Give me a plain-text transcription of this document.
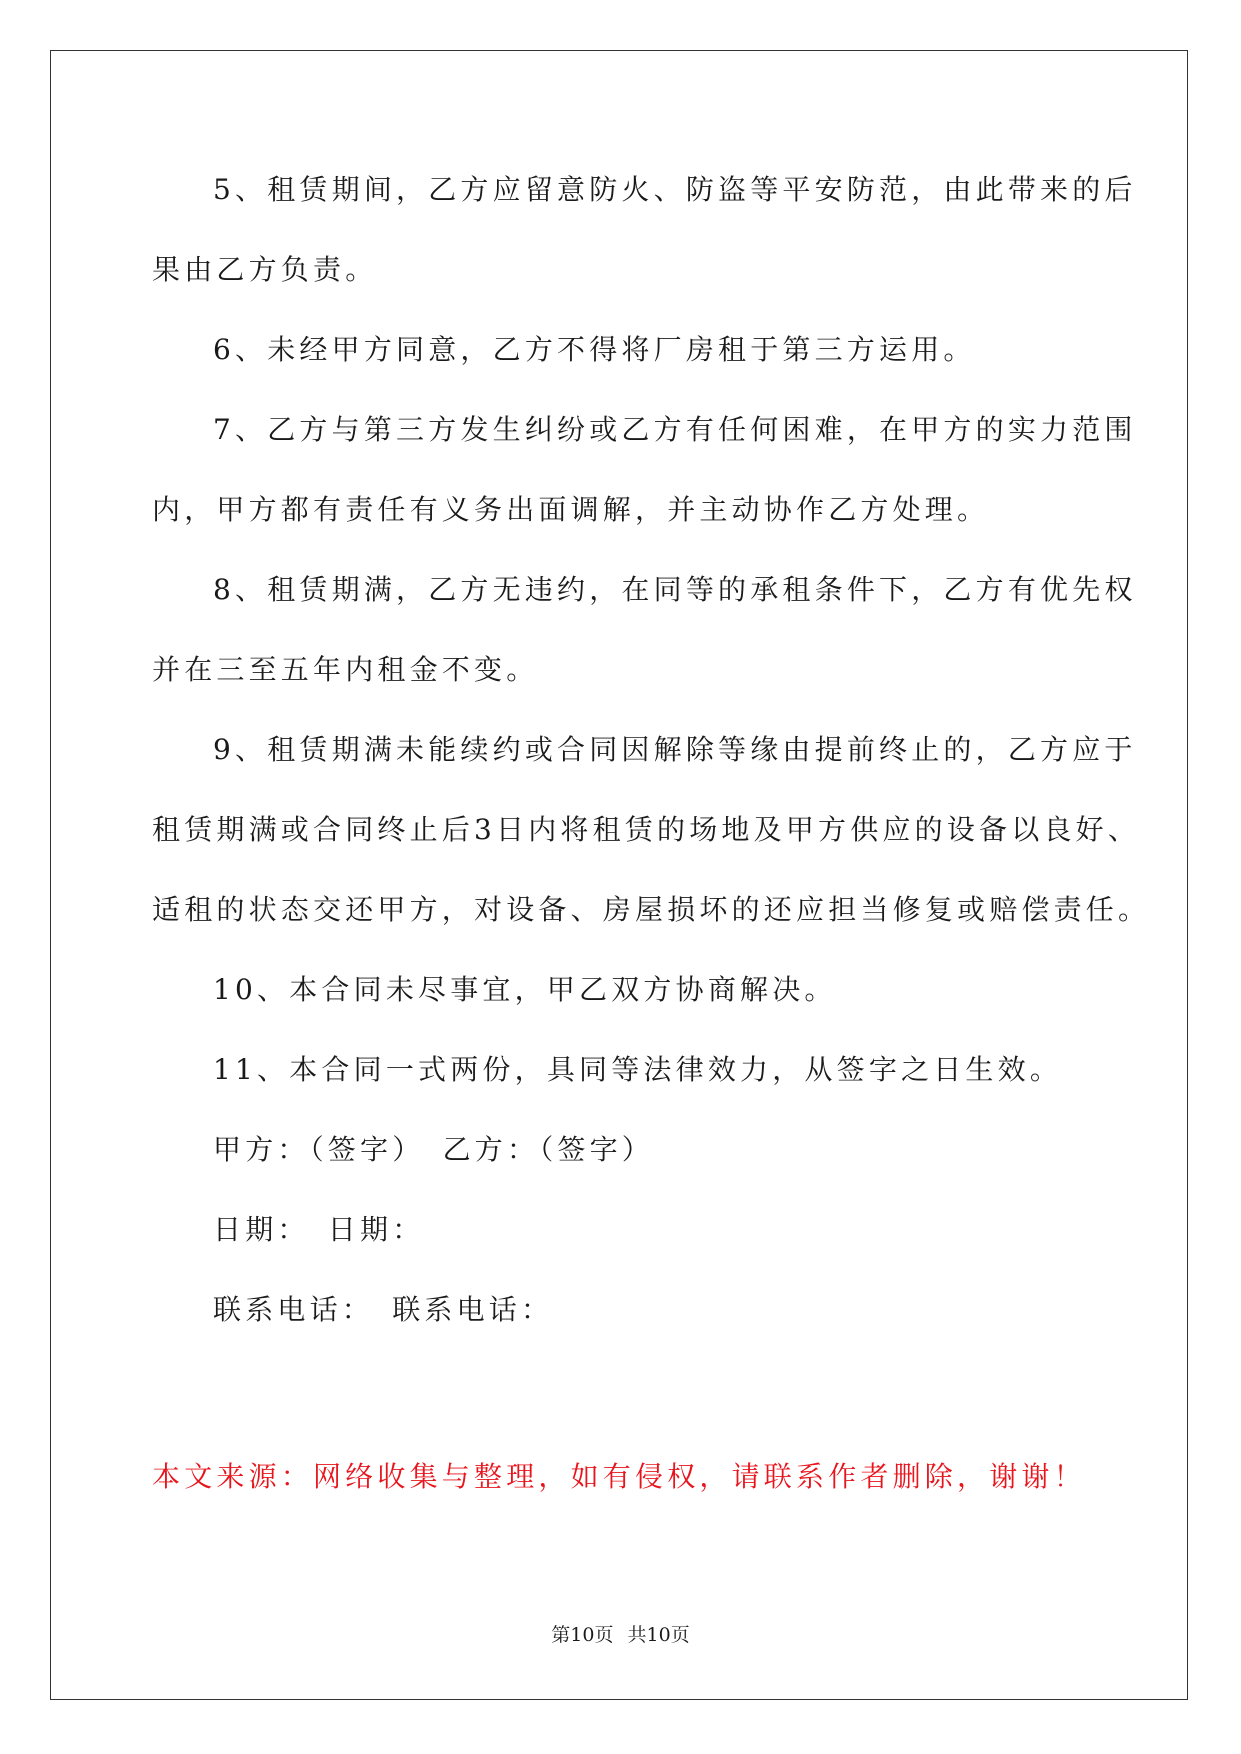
5、租赁期间，乙方应留意防火、防盗等平安防范，由此带来的后
果由乙方负责。
6、未经甲方同意，乙方不得将厂房租于第三方运用。
7、乙方与第三方发生纠纷或乙方有任何困难，在甲方的实力范围
内，甲方都有责任有义务出面调解，并主动协作乙方处理。
8、租赁期满，乙方无违约，在同等的承租条件下，乙方有优先权
并在三至五年内租金不变。
9、租赁期满未能续约或合同因解除等缘由提前终止的，乙方应于
租赁期满或合同终止后3日内将租赁的场地及甲方供应的设备以良好、
适租的状态交还甲方，对设备、房屋损坏的还应担当修复或赔偿责任。
10、本合同未尽事宜，甲乙双方协商解决。
11、本合同一式两份，具同等法律效力，从签字之日生效。
甲方：（签字）　乙方：（签字）
日期：　日期：
联系电话：　联系电话：
本文来源：网络收集与整理，如有侵权，请联系作者删除，谢谢！
第10页 共10页
